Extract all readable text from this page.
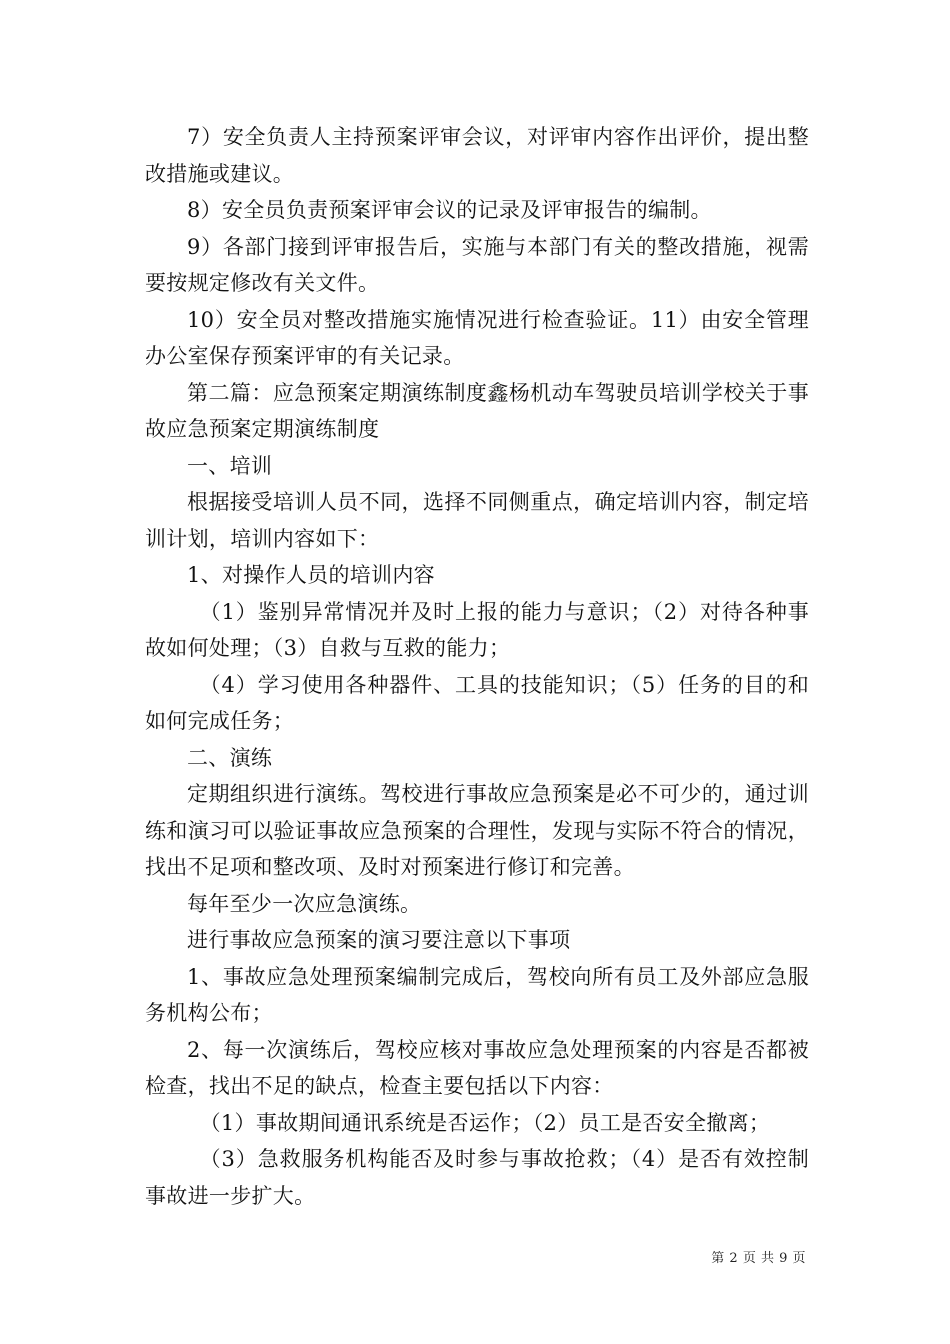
7）安全负责人主持预案评审会议，对评审内容作出评价，提出整改措施或建议。

8）安全员负责预案评审会议的记录及评审报告的编制。

9）各部门接到评审报告后，实施与本部门有关的整改措施，视需要按规定修改有关文件。

10）安全员对整改措施实施情况进行检查验证。11）由安全管理办公室保存预案评审的有关记录。

第二篇：应急预案定期演练制度鑫杨机动车驾驶员培训学校关于事故应急预案定期演练制度

一、培训

根据接受培训人员不同，选择不同侧重点，确定培训内容，制定培训计划，培训内容如下：

1、对操作人员的培训内容

（1）鉴别异常情况并及时上报的能力与意识；（2）对待各种事故如何处理；（3）自救与互救的能力；

（4）学习使用各种器件、工具的技能知识；（5）任务的目的和如何完成任务；

二、演练

定期组织进行演练。驾校进行事故应急预案是必不可少的，通过训练和演习可以验证事故应急预案的合理性，发现与实际不符合的情况，找出不足项和整改项、及时对预案进行修订和完善。

每年至少一次应急演练。

进行事故应急预案的演习要注意以下事项

1、事故应急处理预案编制完成后，驾校向所有员工及外部应急服务机构公布；

2、每一次演练后，驾校应核对事故应急处理预案的内容是否都被检查，找出不足的缺点，检查主要包括以下内容：

（1）事故期间通讯系统是否运作；（2）员工是否安全撤离；

（3）急救服务机构能否及时参与事故抢救；（4）是否有效控制事故进一步扩大。

第 2 页 共 9 页
